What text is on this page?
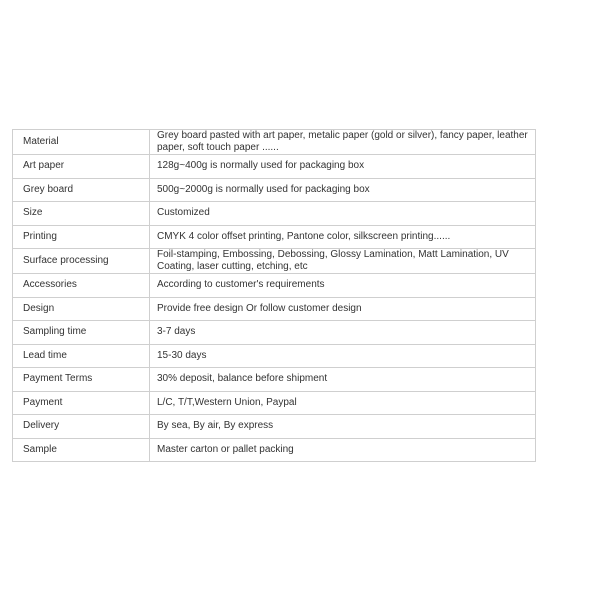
Material	Grey board pasted with art paper, metalic paper (gold or silver), fancy paper, leather paper, soft touch paper ......
Art paper	128g~400g is normally used for packaging box
Grey board	500g~2000g is normally used for packaging box
Size	Customized
Printing	CMYK 4 color offset printing, Pantone color, silkscreen printing......
Surface processing	Foil-stamping, Embossing, Debossing, Glossy Lamination, Matt Lamination, UV Coating, laser cutting, etching, etc
Accessories	According to customer's requirements
Design	Provide free design Or follow customer design
Sampling time	3-7 days
Lead time	15-30 days
Payment Terms	30% deposit, balance before shipment
Payment	L/C, T/T,Western Union, Paypal
Delivery	By sea, By air, By express
Sample	Master carton or pallet packing
